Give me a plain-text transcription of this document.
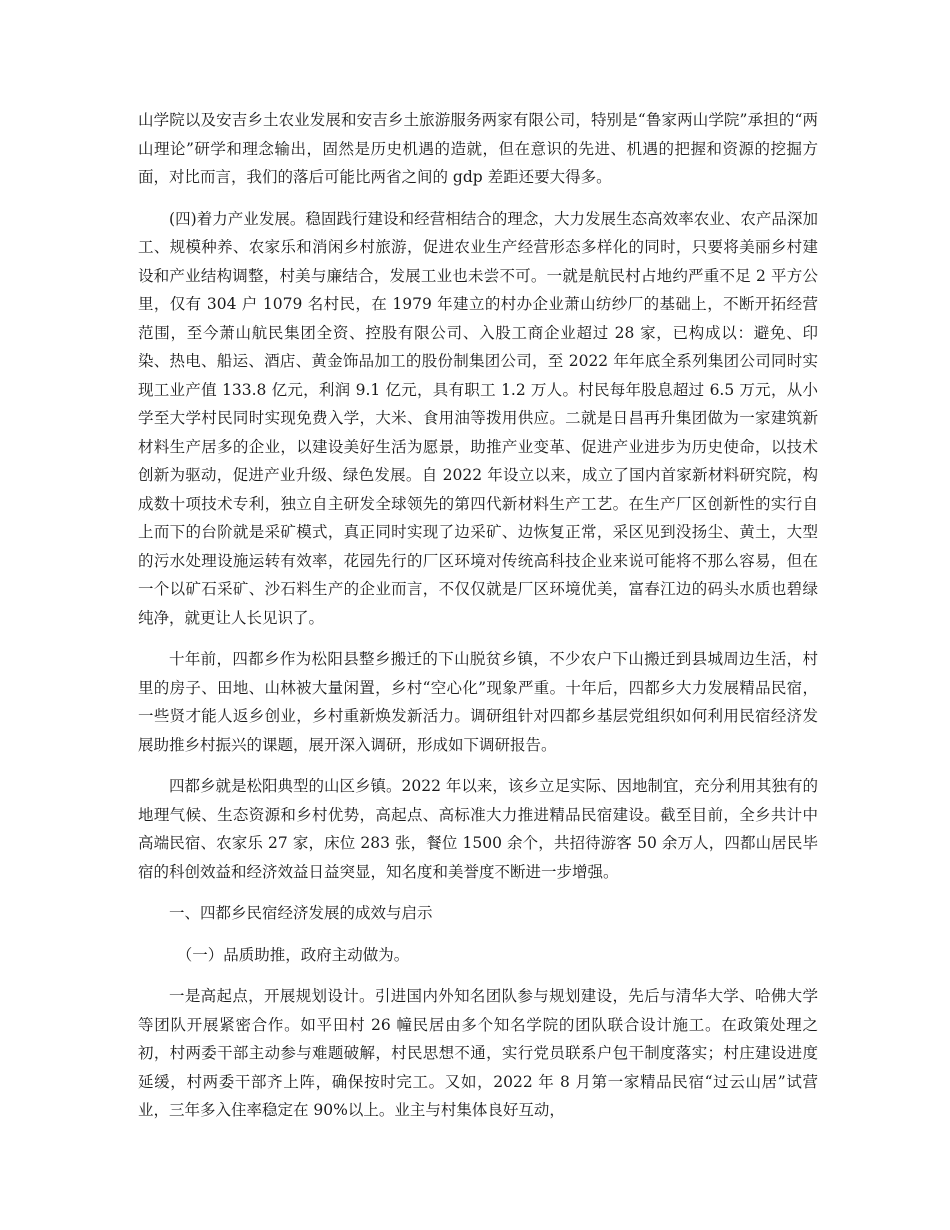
山学院以及安吉乡土农业发展和安吉乡土旅游服务两家有限公司，特别是“鲁家两山学院”承担的“两山理论”研学和理念输出，固然是历史机遇的造就，但在意识的先进、机遇的把握和资源的挖掘方面，对比而言，我们的落后可能比两省之间的 gdp 差距还要大得多。

(四)着力产业发展。稳固践行建设和经营相结合的理念，大力发展生态高效率农业、农产品深加工、规模种养、农家乐和消闲乡村旅游，促进农业生产经营形态多样化的同时，只要将美丽乡村建设和产业结构调整，村美与廉结合，发展工业也未尝不可。一就是航民村占地约严重不足 2 平方公里，仅有 304 户 1079 名村民，在 1979 年建立的村办企业萧山纺纱厂的基础上，不断开拓经营范围，至今萧山航民集团全资、控股有限公司、入股工商企业超过 28 家，已构成以：避免、印染、热电、船运、酒店、黄金饰品加工的股份制集团公司，至 2022 年年底全系列集团公司同时实现工业产值 133.8 亿元，利润 9.1 亿元，具有职工 1.2 万人。村民每年股息超过 6.5 万元，从小学至大学村民同时实现免费入学，大米、食用油等拨用供应。二就是日昌再升集团做为一家建筑新材料生产居多的企业，以建设美好生活为愿景，助推产业变革、促进产业进步为历史使命，以技术创新为驱动，促进产业升级、绿色发展。自 2022 年设立以来，成立了国内首家新材料研究院，构成数十项技术专利，独立自主研发全球领先的第四代新材料生产工艺。在生产厂区创新性的实行自上而下的台阶就是采矿模式，真正同时实现了边采矿、边恢复正常，采区见到没扬尘、黄土，大型的污水处理设施运转有效率，花园先行的厂区环境对传统高科技企业来说可能将不那么容易，但在一个以矿石采矿、沙石料生产的企业而言，不仅仅就是厂区环境优美，富春江边的码头水质也碧绿纯净，就更让人长见识了。

十年前，四都乡作为松阳县整乡搬迁的下山脱贫乡镇，不少农户下山搬迁到县城周边生活，村里的房子、田地、山林被大量闲置，乡村“空心化”现象严重。十年后，四都乡大力发展精品民宿，一些贤才能人返乡创业，乡村重新焕发新活力。调研组针对四都乡基层党组织如何利用民宿经济发展助推乡村振兴的课题，展开深入调研，形成如下调研报告。

四都乡就是松阳典型的山区乡镇。2022 年以来，该乡立足实际、因地制宜，充分利用其独有的地理气候、生态资源和乡村优势，高起点、高标准大力推进精品民宿建设。截至目前，全乡共计中高端民宿、农家乐 27 家，床位 283 张，餐位 1500 余个，共招待游客 50 余万人，四都山居民毕宿的科创效益和经济效益日益突显，知名度和美誉度不断进一步增强。

一、四都乡民宿经济发展的成效与启示

（一）品质助推，政府主动做为。

一是高起点，开展规划设计。引进国内外知名团队参与规划建设，先后与清华大学、哈佛大学等团队开展紧密合作。如平田村 26 幢民居由多个知名学院的团队联合设计施工。在政策处理之初，村两委干部主动参与难题破解，村民思想不通，实行党员联系户包干制度落实；村庄建设进度延缓，村两委干部齐上阵，确保按时完工。又如，2022 年 8 月第一家精品民宿“过云山居”试营业，三年多入住率稳定在 90%以上。业主与村集体良好互动，
